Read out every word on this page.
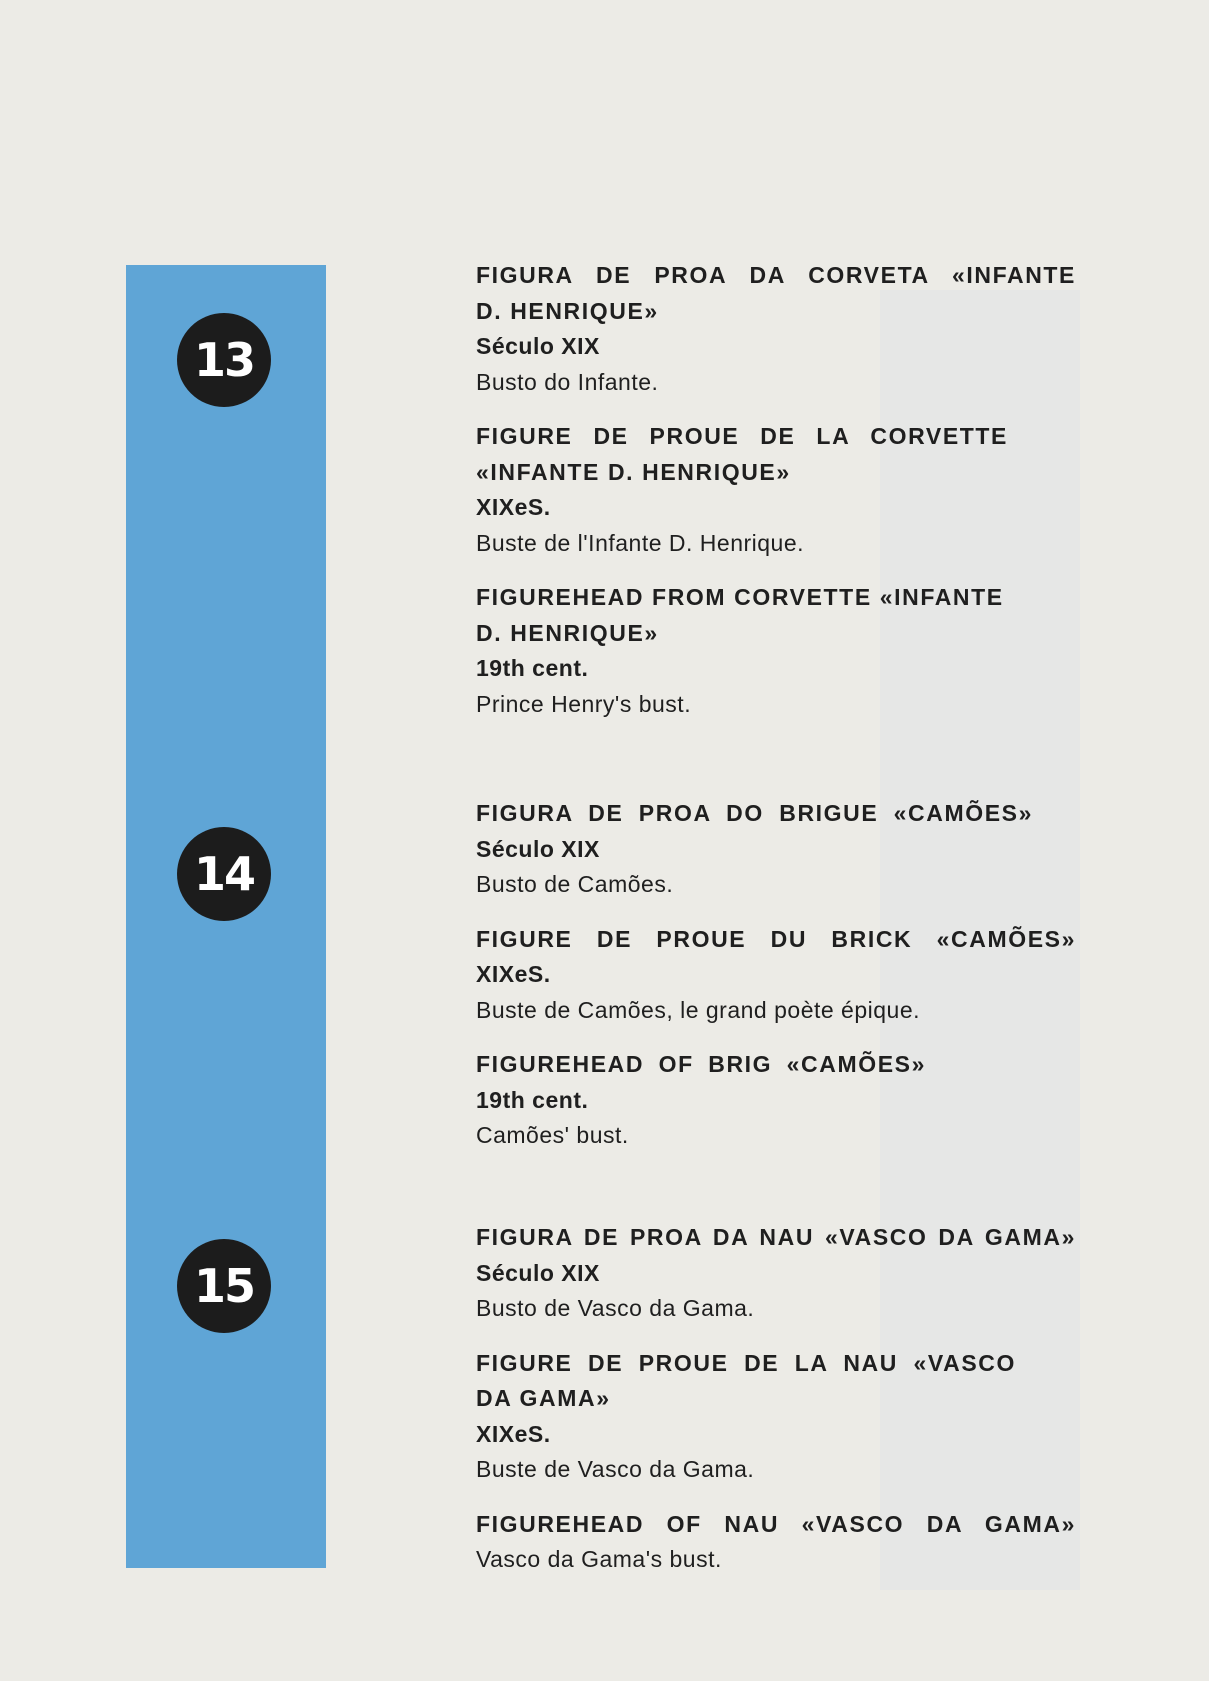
13
14
15
FIGURA DE PROA DA CORVETA «INFANTE
D. HENRIQUE»
Século XIX
Busto do Infante.
FIGURE DE PROUE DE LA CORVETTE
«INFANTE D. HENRIQUE»
XIXeS.
Buste de l'Infante D. Henrique.
FIGUREHEAD FROM CORVETTE «INFANTE
D. HENRIQUE»
19th cent.
Prince Henry's bust.
FIGURA DE PROA DO BRIGUE «CAMÕES»
Século XIX
Busto de Camões.
FIGURE DE PROUE DU BRICK «CAMÕES»
XIXeS.
Buste de Camões, le grand poète épique.
FIGUREHEAD OF BRIG «CAMÕES»
19th cent.
Camões' bust.
FIGURA DE PROA DA NAU «VASCO DA GAMA»
Século XIX
Busto de Vasco da Gama.
FIGURE DE PROUE DE LA NAU «VASCO
DA GAMA»
XIXeS.
Buste de Vasco da Gama.
FIGUREHEAD OF NAU «VASCO DA GAMA»
Vasco da Gama's bust.
